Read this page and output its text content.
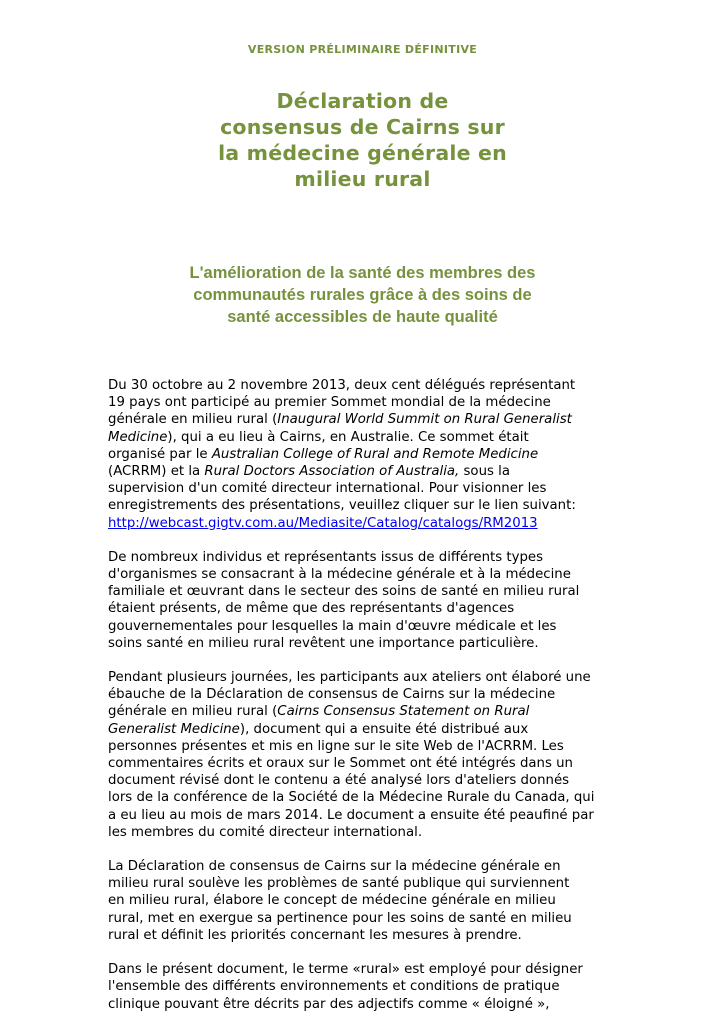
VERSION PRÉLIMINAIRE DÉFINITIVE
Déclaration de
consensus de Cairns sur
la médecine générale en
milieu rural
L'amélioration de la santé des membres des
communautés rurales grâce à des soins de
santé accessibles de haute qualité

Du 30 octobre au 2 novembre 2013, deux cent délégués représentant
19 pays ont participé au premier Sommet mondial de la médecine
générale en milieu rural (Inaugural World Summit on Rural Generalist
Medicine), qui a eu lieu à Cairns, en Australie. Ce sommet était
organisé par le Australian College of Rural and Remote Medicine
(ACRRM) et la Rural Doctors Association of Australia, sous la
supervision d'un comité directeur international. Pour visionner les
enregistrements des présentations, veuillez cliquer sur le lien suivant:
http://webcast.gigtv.com.au/Mediasite/Catalog/catalogs/RM2013

De nombreux individus et représentants issus de différents types
d'organismes se consacrant à la médecine générale et à la médecine
familiale et œuvrant dans le secteur des soins de santé en milieu rural
étaient présents, de même que des représentants d'agences
gouvernementales pour lesquelles la main d'œuvre médicale et les
soins santé en milieu rural revêtent une importance particulière.

Pendant plusieurs journées, les participants aux ateliers ont élaboré une
ébauche de la Déclaration de consensus de Cairns sur la médecine
générale en milieu rural (Cairns Consensus Statement on Rural
Generalist Medicine), document qui a ensuite été distribué aux
personnes présentes et mis en ligne sur le site Web de l'ACRRM. Les
commentaires écrits et oraux sur le Sommet ont été intégrés dans un
document révisé dont le contenu a été analysé lors d'ateliers donnés
lors de la conférence de la Société de la Médecine Rurale du Canada, qui
a eu lieu au mois de mars 2014. Le document a ensuite été peaufiné par
les membres du comité directeur international.

La Déclaration de consensus de Cairns sur la médecine générale en
milieu rural soulève les problèmes de santé publique qui surviennent
en milieu rural, élabore le concept de médecine générale en milieu
rural, met en exergue sa pertinence pour les soins de santé en milieu
rural et définit les priorités concernant les mesures à prendre.

Dans le présent document, le terme «rural» est employé pour désigner
l'ensemble des différents environnements et conditions de pratique
clinique pouvant être décrits par des adjectifs comme « éloigné »,
